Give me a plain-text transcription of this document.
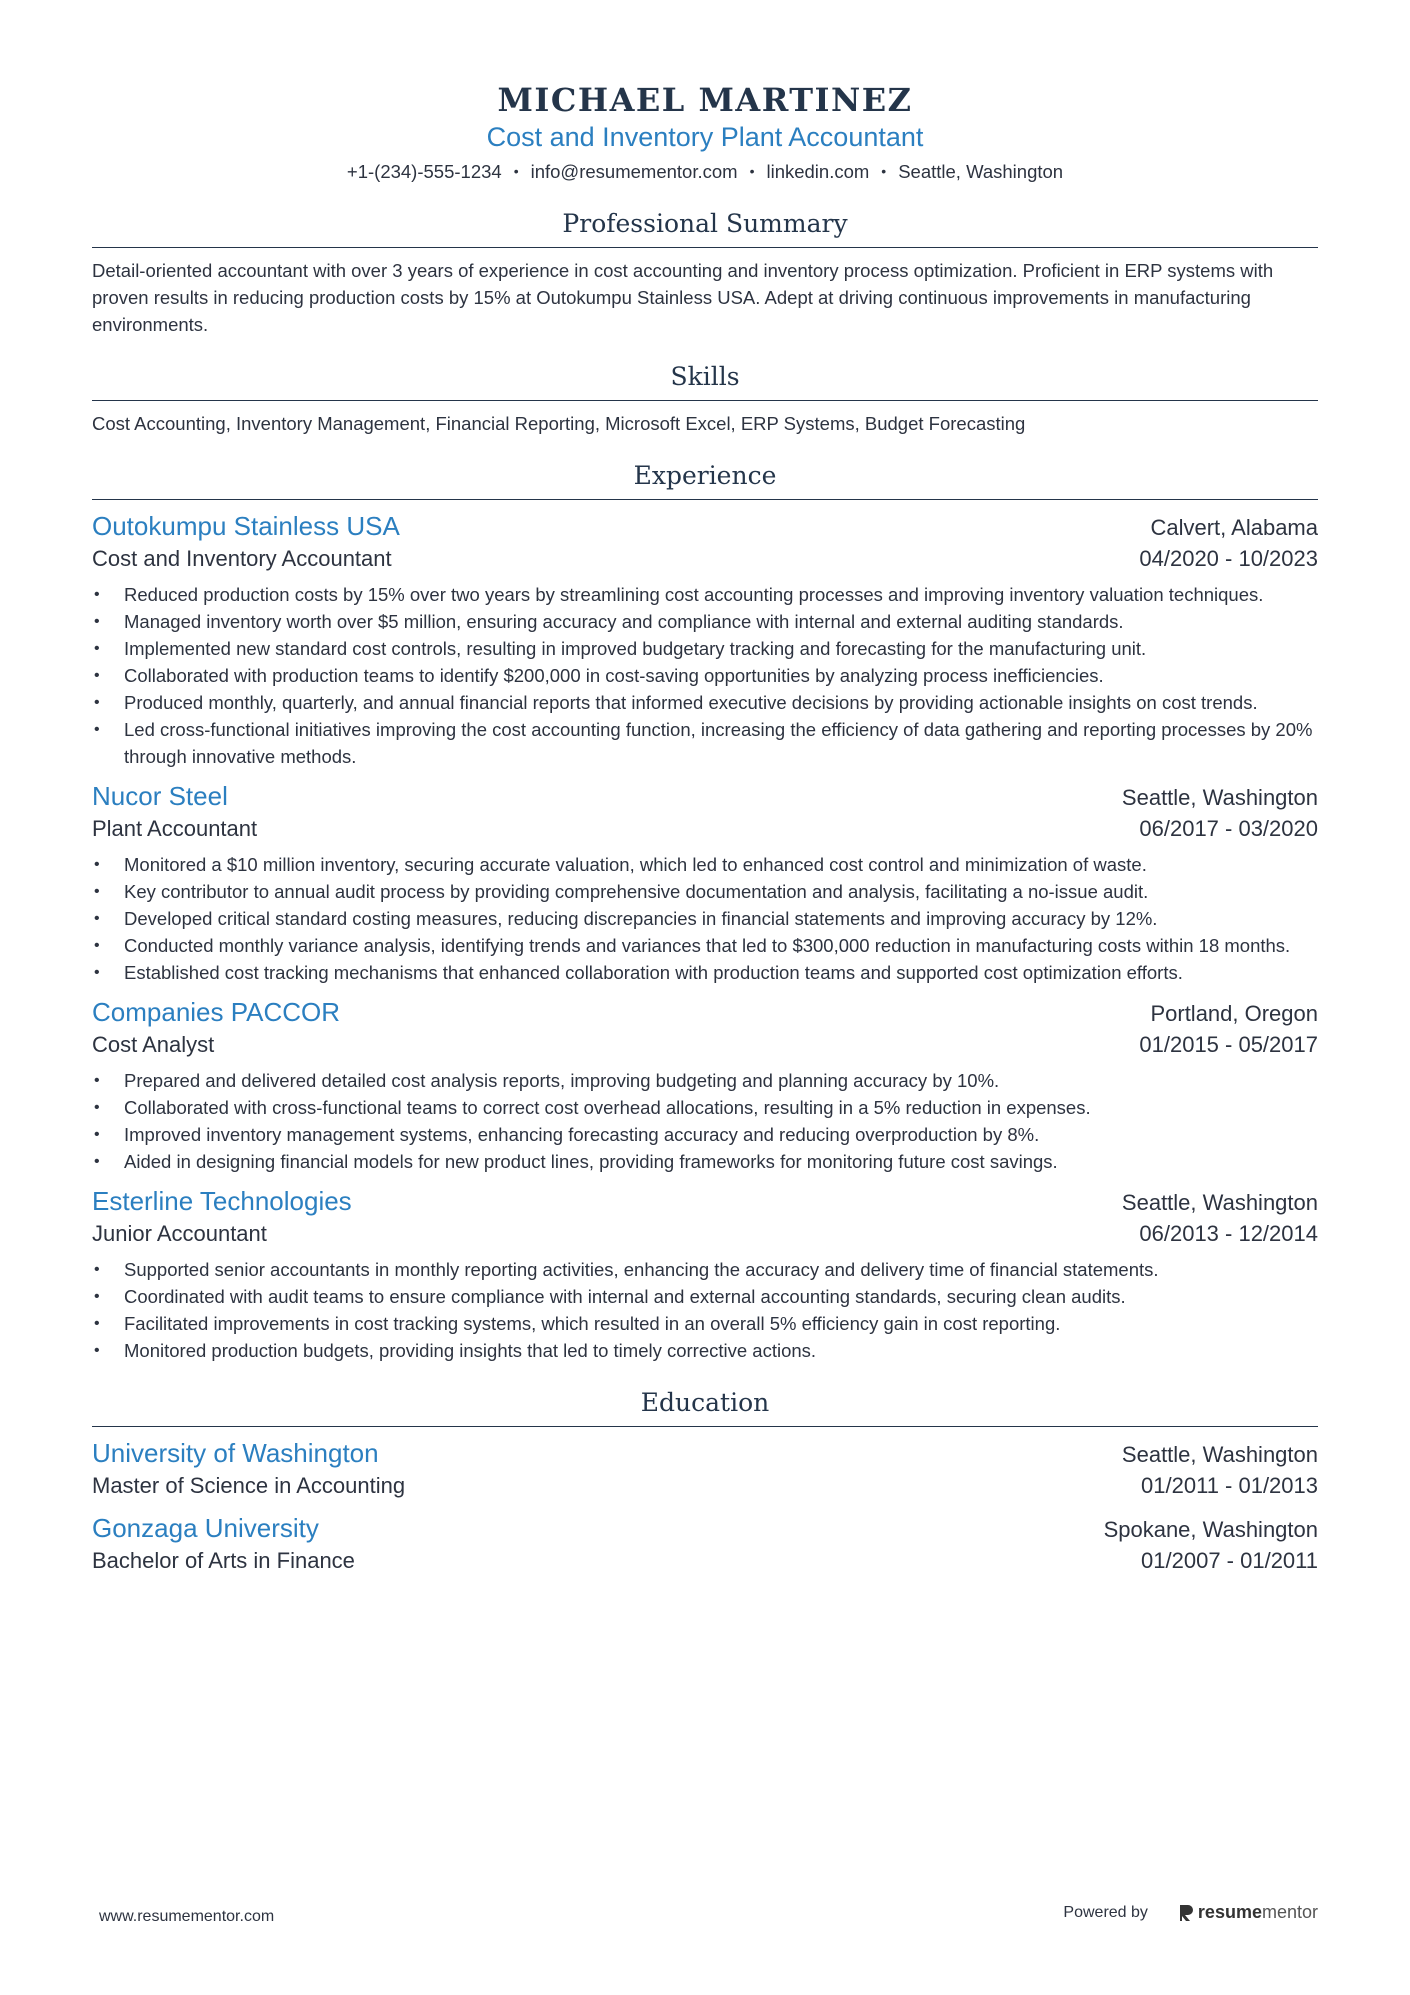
MICHAEL MARTINEZ
Cost and Inventory Plant Accountant
+1-(234)-555-1234 • info@resumementor.com • linkedin.com • Seattle, Washington
Professional Summary
Detail-oriented accountant with over 3 years of experience in cost accounting and inventory process optimization. Proficient in ERP systems with proven results in reducing production costs by 15% at Outokumpu Stainless USA. Adept at driving continuous improvements in manufacturing environments.
Skills
Cost Accounting, Inventory Management, Financial Reporting, Microsoft Excel, ERP Systems, Budget Forecasting
Experience
Outokumpu Stainless USA	Calvert, Alabama
Cost and Inventory Accountant	04/2020 - 10/2023
• Reduced production costs by 15% over two years by streamlining cost accounting processes and improving inventory valuation techniques.
• Managed inventory worth over $5 million, ensuring accuracy and compliance with internal and external auditing standards.
• Implemented new standard cost controls, resulting in improved budgetary tracking and forecasting for the manufacturing unit.
• Collaborated with production teams to identify $200,000 in cost-saving opportunities by analyzing process inefficiencies.
• Produced monthly, quarterly, and annual financial reports that informed executive decisions by providing actionable insights on cost trends.
• Led cross-functional initiatives improving the cost accounting function, increasing the efficiency of data gathering and reporting processes by 20% through innovative methods.
Nucor Steel	Seattle, Washington
Plant Accountant	06/2017 - 03/2020
• Monitored a $10 million inventory, securing accurate valuation, which led to enhanced cost control and minimization of waste.
• Key contributor to annual audit process by providing comprehensive documentation and analysis, facilitating a no-issue audit.
• Developed critical standard costing measures, reducing discrepancies in financial statements and improving accuracy by 12%.
• Conducted monthly variance analysis, identifying trends and variances that led to $300,000 reduction in manufacturing costs within 18 months.
• Established cost tracking mechanisms that enhanced collaboration with production teams and supported cost optimization efforts.
Companies PACCOR	Portland, Oregon
Cost Analyst	01/2015 - 05/2017
• Prepared and delivered detailed cost analysis reports, improving budgeting and planning accuracy by 10%.
• Collaborated with cross-functional teams to correct cost overhead allocations, resulting in a 5% reduction in expenses.
• Improved inventory management systems, enhancing forecasting accuracy and reducing overproduction by 8%.
• Aided in designing financial models for new product lines, providing frameworks for monitoring future cost savings.
Esterline Technologies	Seattle, Washington
Junior Accountant	06/2013 - 12/2014
• Supported senior accountants in monthly reporting activities, enhancing the accuracy and delivery time of financial statements.
• Coordinated with audit teams to ensure compliance with internal and external accounting standards, securing clean audits.
• Facilitated improvements in cost tracking systems, which resulted in an overall 5% efficiency gain in cost reporting.
• Monitored production budgets, providing insights that led to timely corrective actions.
Education
University of Washington	Seattle, Washington
Master of Science in Accounting	01/2011 - 01/2013
Gonzaga University	Spokane, Washington
Bachelor of Arts in Finance	01/2007 - 01/2011
www.resumementor.com	Powered by	resume mentor
